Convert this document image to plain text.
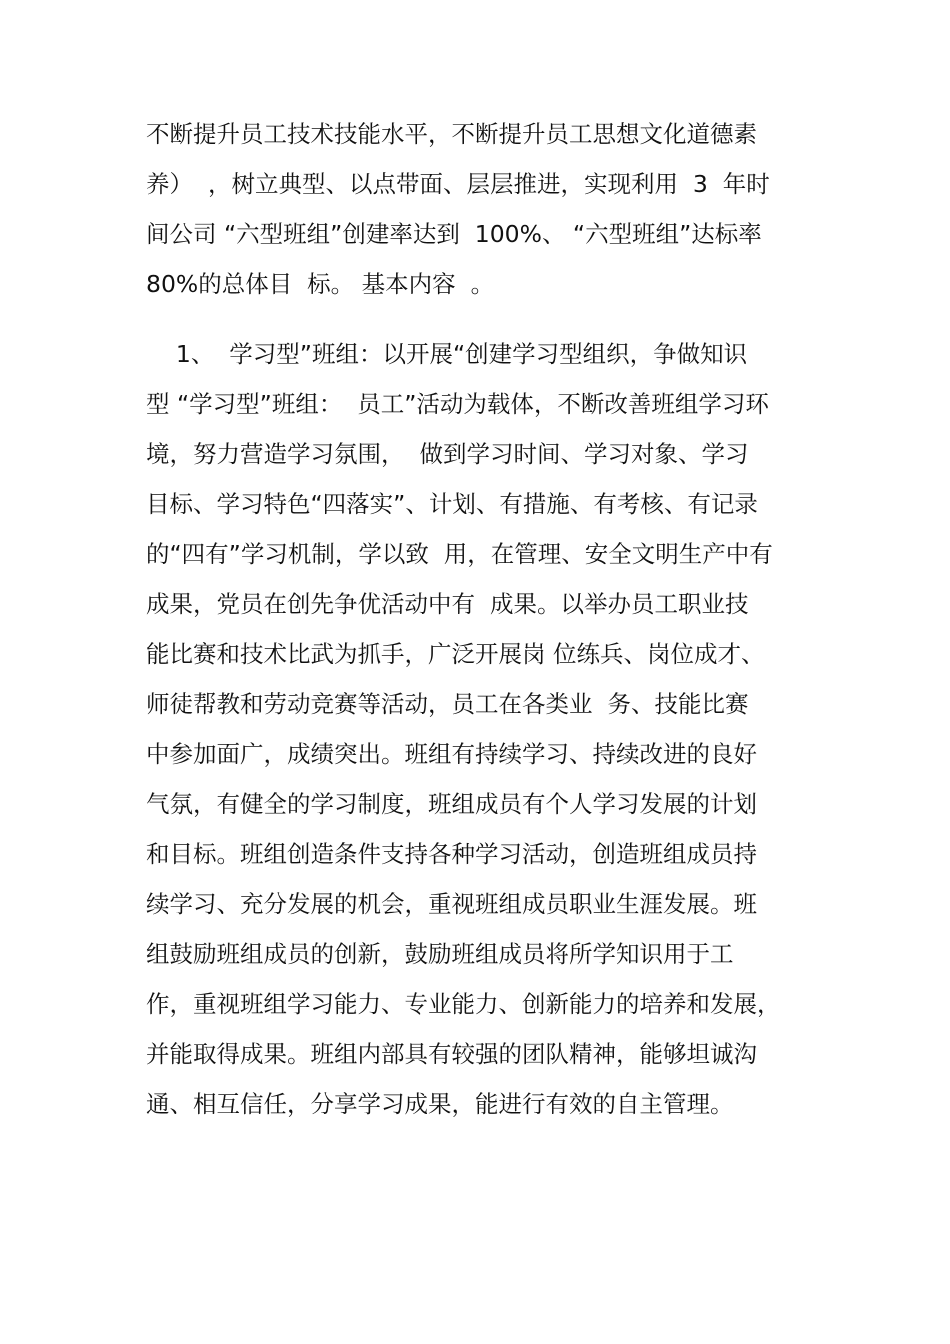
不断提升员工技术技能水平，不断提升员工思想文化道德素
养）  ，树立典型、以点带面、层层推进，实现利用  3  年时
间公司 “六型班组”创建率达到  100%、 “六型班组”达标率
80%的总体目  标。 基本内容  。
1、  学习型”班组：以开展“创建学习型组织，争做知识
型 “学习型”班组：  员工”活动为载体，不断改善班组学习环
境，努力营造学习氛围，  做到学习时间、学习对象、学习
目标、学习特色“四落实”、计划、有措施、有考核、有记录
的“四有”学习机制，学以致  用，在管理、安全文明生产中有
成果，党员在创先争优活动中有  成果。以举办员工职业技
能比赛和技术比武为抓手，广泛开展岗 位练兵、岗位成才、
师徒帮教和劳动竞赛等活动，员工在各类业  务、技能比赛
中参加面广，成绩突出。班组有持续学习、持续改进的良好
气氛，有健全的学习制度，班组成员有个人学习发展的计划
和目标。班组创造条件支持各种学习活动，创造班组成员持
续学习、充分发展的机会，重视班组成员职业生涯发展。班
组鼓励班组成员的创新，鼓励班组成员将所学知识用于工
作，重视班组学习能力、专业能力、创新能力的培养和发展，
并能取得成果。班组内部具有较强的团队精神，能够坦诚沟
通、相互信任，分享学习成果，能进行有效的自主管理。
